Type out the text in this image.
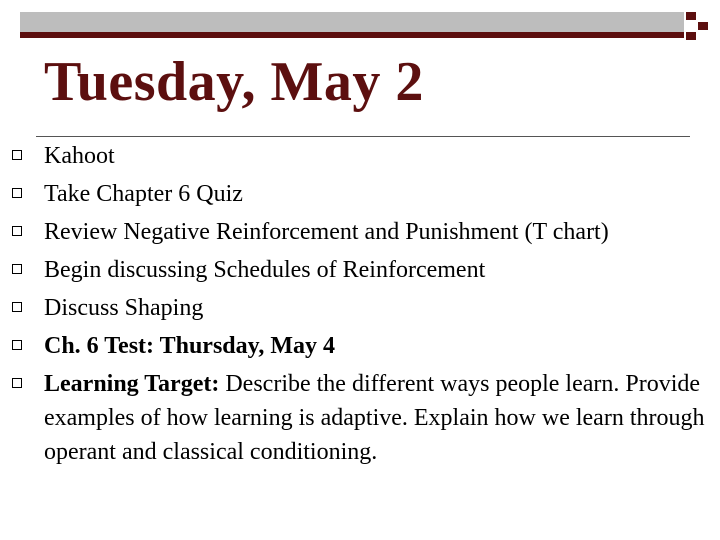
Tuesday, May 2
Kahoot
Take Chapter 6 Quiz
Review Negative Reinforcement and Punishment (T chart)
Begin discussing Schedules of Reinforcement
Discuss Shaping
Ch. 6 Test: Thursday, May 4
Learning Target: Describe the different ways people learn. Provide examples of how learning is adaptive. Explain how we learn through operant and classical conditioning.
